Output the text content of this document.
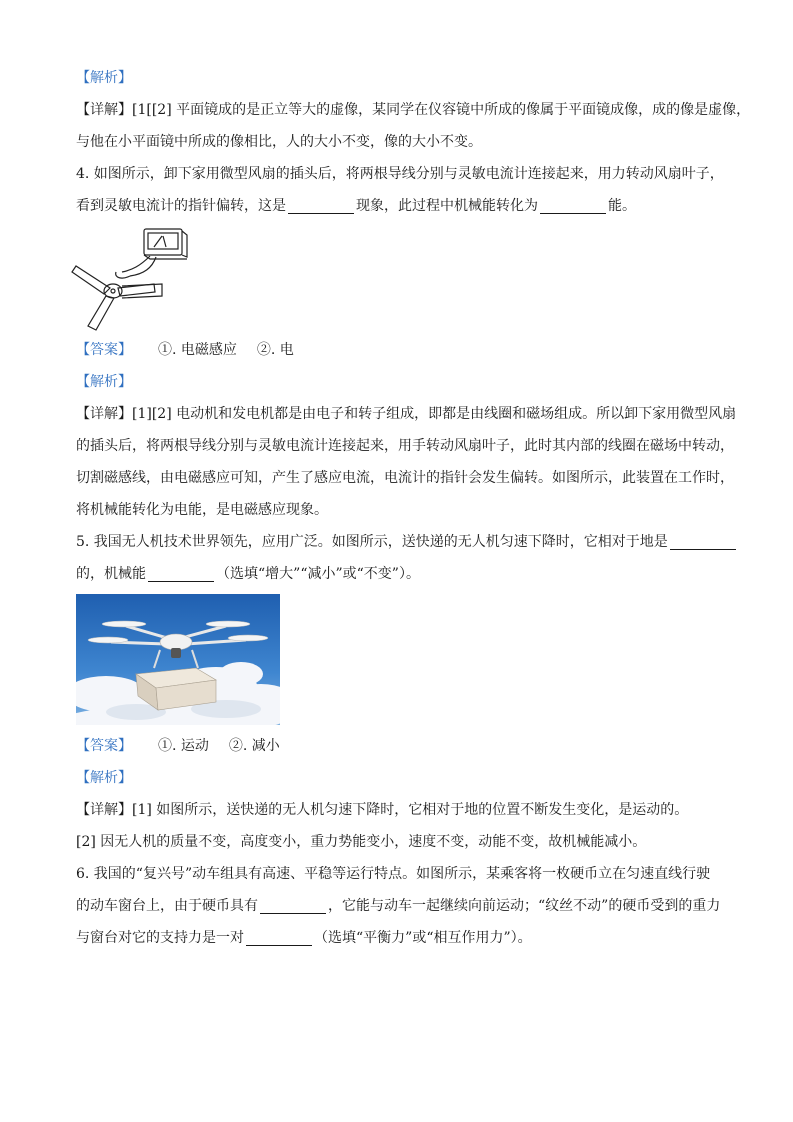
【解析】
【详解】[1[[2] 平面镜成的是正立等大的虚像，某同学在仪容镜中所成的像属于平面镜成像，成的像是虚像，
与他在小平面镜中所成的像相比，人的大小不变，像的大小不变。
4. 如图所示，卸下家用微型风扇的插头后，将两根导线分别与灵敏电流计连接起来，用力转动风扇叶子，
看到灵敏电流计的指针偏转，这是	现象，此过程中机械能转化为	能。
【答案】 ①. 电磁感应 ②. 电
【解析】
【详解】[1][2] 电动机和发电机都是由电子和转子组成，即都是由线圈和磁场组成。所以卸下家用微型风扇
的插头后，将两根导线分别与灵敏电流计连接起来，用手转动风扇叶子，此时其内部的线圈在磁场中转动，
切割磁感线，由电磁感应可知，产生了感应电流，电流计的指针会发生偏转。如图所示，此装置在工作时，
将机械能转化为电能，是电磁感应现象。
5. 我国无人机技术世界领先，应用广泛。如图所示，送快递的无人机匀速下降时，它相对于地是
的，机械能	（选填“增大”“减小”或“不变”）。
【答案】 ①. 运动 ②. 减小
【解析】
【详解】[1] 如图所示，送快递的无人机匀速下降时，它相对于地的位置不断发生变化，是运动的。
[2] 因无人机的质量不变，高度变小，重力势能变小，速度不变，动能不变，故机械能减小。
6. 我国的“复兴号”动车组具有高速、平稳等运行特点。如图所示，某乘客将一枚硬币立在匀速直线行驶
的动车窗台上，由于硬币具有	，它能与动车一起继续向前运动；“纹丝不动”的硬币受到的重力
与窗台对它的支持力是一对	（选填“平衡力”或“相互作用力”）。
